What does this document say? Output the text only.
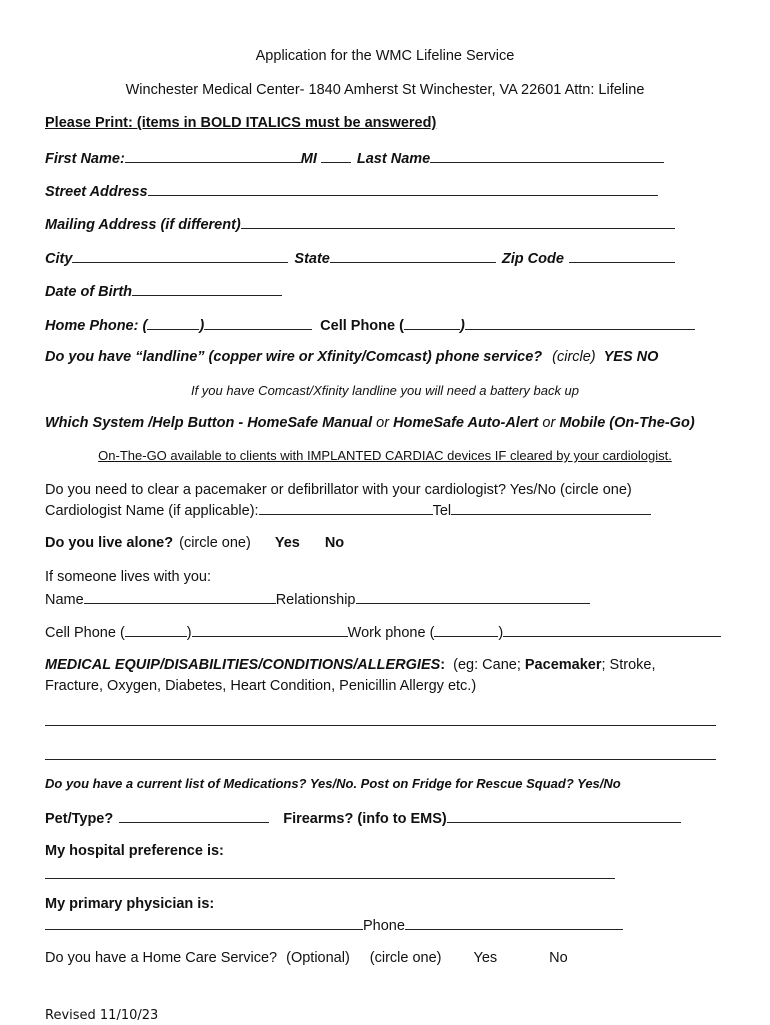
Application for the WMC Lifeline Service
Winchester Medical Center- 1840 Amherst St Winchester, VA 22601 Attn: Lifeline
Please Print: (items in BOLD ITALICS must be answered)
First Name:	MI	Last Name
Street Address
Mailing Address (if different)
City	State	Zip Code
Date of Birth
Home Phone: (	)	Cell Phone (	)
Do you have “landline” (copper wire or Xfinity/Comcast) phone service? (circle) YES NO
If you have Comcast/Xfinity landline you will need a battery back up
Which System /Help Button - HomeSafe Manual or HomeSafe Auto-Alert or Mobile (On-The-Go)
On-The-GO available to clients with IMPLANTED CARDIAC devices IF cleared by your cardiologist.
Do you need to clear a pacemaker or defibrillator with your cardiologist? Yes/No (circle one)
Cardiologist Name (if applicable):	Tel
Do you live alone? (circle one) Yes No
If someone lives with you:
Name	Relationship
Cell Phone (	)	Work phone (	)
MEDICAL EQUIP/DISABILITIES/CONDITIONS/ALLERGIES: (eg: Cane; Pacemaker; Stroke,
Fracture, Oxygen, Diabetes, Heart Condition, Penicillin Allergy etc.)
Do you have a current list of Medications? Yes/No. Post on Fridge for Rescue Squad? Yes/No
Pet/Type?	Firearms? (info to EMS)
My hospital preference is:
My primary physician is:
Phone
Do you have a Home Care Service? (Optional) (circle one) Yes	No
Revised 11/10/23
